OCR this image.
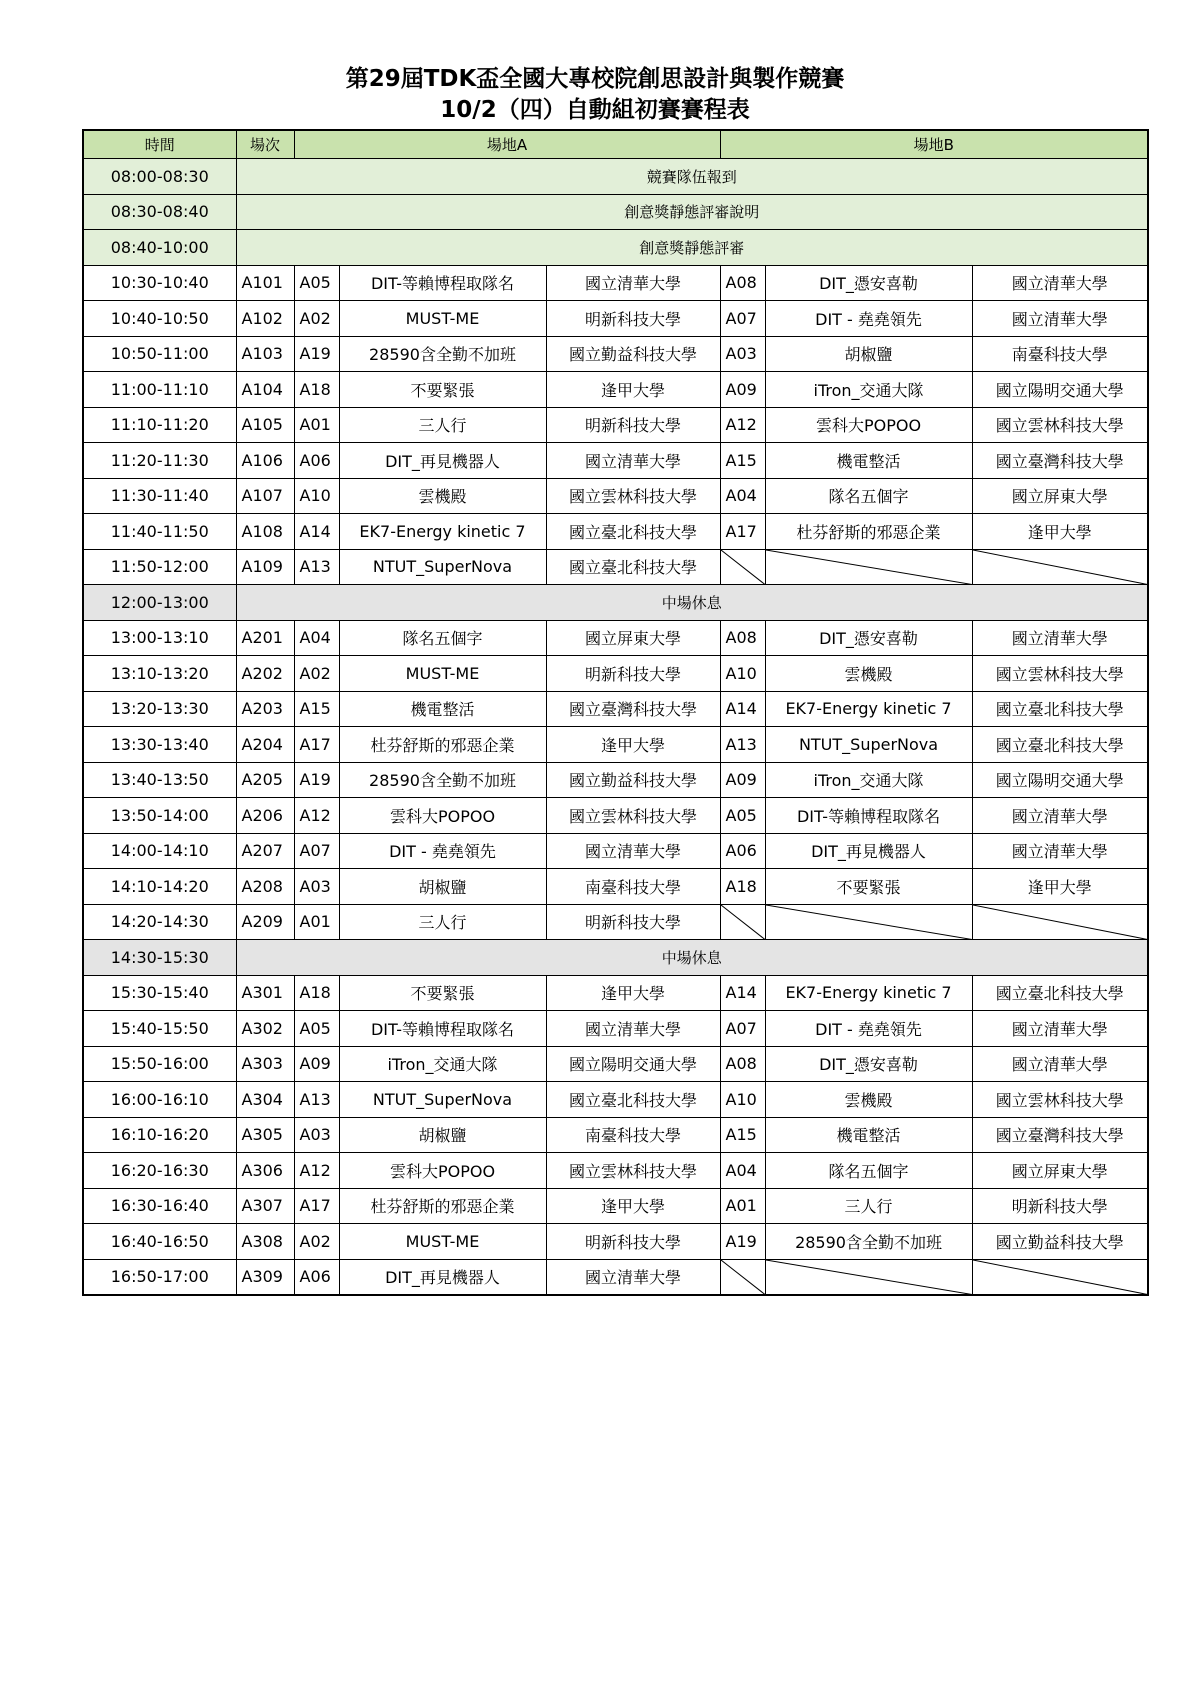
第29屆TDK盃全國大專校院創思設計與製作競賽
10/2（四）自動組初賽賽程表
時間	場次	場地A			場地B		
08:00-08:30	競賽隊伍報到						
08:30-08:40	創意獎靜態評審說明						
08:40-10:00	創意獎靜態評審						
10:30-10:40	A101	A05	DIT-等賴博程取隊名	國立清華大學	A08	DIT_憑安喜勒	國立清華大學
10:40-10:50	A102	A02	MUST-ME	明新科技大學	A07	DIT - 堯堯領先	國立清華大學
10:50-11:00	A103	A19	28590含全勤不加班	國立勤益科技大學	A03	胡椒鹽	南臺科技大學
11:00-11:10	A104	A18	不要緊張	逢甲大學	A09	iTron_交通大隊	國立陽明交通大學
11:10-11:20	A105	A01	三人行	明新科技大學	A12	雲科大POPOO	國立雲林科技大學
11:20-11:30	A106	A06	DIT_再見機器人	國立清華大學	A15	機電整活	國立臺灣科技大學
11:30-11:40	A107	A10	雲機殿	國立雲林科技大學	A04	隊名五個字	國立屏東大學
11:40-11:50	A108	A14	EK7-Energy kinetic 7	國立臺北科技大學	A17	杜芬舒斯的邪惡企業	逢甲大學
11:50-12:00	A109	A13	NTUT_SuperNova	國立臺北科技大學	

12:00-13:00	中場休息						
13:00-13:10	A201	A04	隊名五個字	國立屏東大學	A08	DIT_憑安喜勒	國立清華大學
13:10-13:20	A202	A02	MUST-ME	明新科技大學	A10	雲機殿	國立雲林科技大學
13:20-13:30	A203	A15	機電整活	國立臺灣科技大學	A14	EK7-Energy kinetic 7	國立臺北科技大學
13:30-13:40	A204	A17	杜芬舒斯的邪惡企業	逢甲大學	A13	NTUT_SuperNova	國立臺北科技大學
13:40-13:50	A205	A19	28590含全勤不加班	國立勤益科技大學	A09	iTron_交通大隊	國立陽明交通大學
13:50-14:00	A206	A12	雲科大POPOO	國立雲林科技大學	A05	DIT-等賴博程取隊名	國立清華大學
14:00-14:10	A207	A07	DIT - 堯堯領先	國立清華大學	A06	DIT_再見機器人	國立清華大學
14:10-14:20	A208	A03	胡椒鹽	南臺科技大學	A18	不要緊張	逢甲大學
14:20-14:30	A209	A01	三人行	明新科技大學	

14:30-15:30	中場休息						
15:30-15:40	A301	A18	不要緊張	逢甲大學	A14	EK7-Energy kinetic 7	國立臺北科技大學
15:40-15:50	A302	A05	DIT-等賴博程取隊名	國立清華大學	A07	DIT - 堯堯領先	國立清華大學
15:50-16:00	A303	A09	iTron_交通大隊	國立陽明交通大學	A08	DIT_憑安喜勒	國立清華大學
16:00-16:10	A304	A13	NTUT_SuperNova	國立臺北科技大學	A10	雲機殿	國立雲林科技大學
16:10-16:20	A305	A03	胡椒鹽	南臺科技大學	A15	機電整活	國立臺灣科技大學
16:20-16:30	A306	A12	雲科大POPOO	國立雲林科技大學	A04	隊名五個字	國立屏東大學
16:30-16:40	A307	A17	杜芬舒斯的邪惡企業	逢甲大學	A01	三人行	明新科技大學
16:40-16:50	A308	A02	MUST-ME	明新科技大學	A19	28590含全勤不加班	國立勤益科技大學
16:50-17:00	A309	A06	DIT_再見機器人	國立清華大學	
